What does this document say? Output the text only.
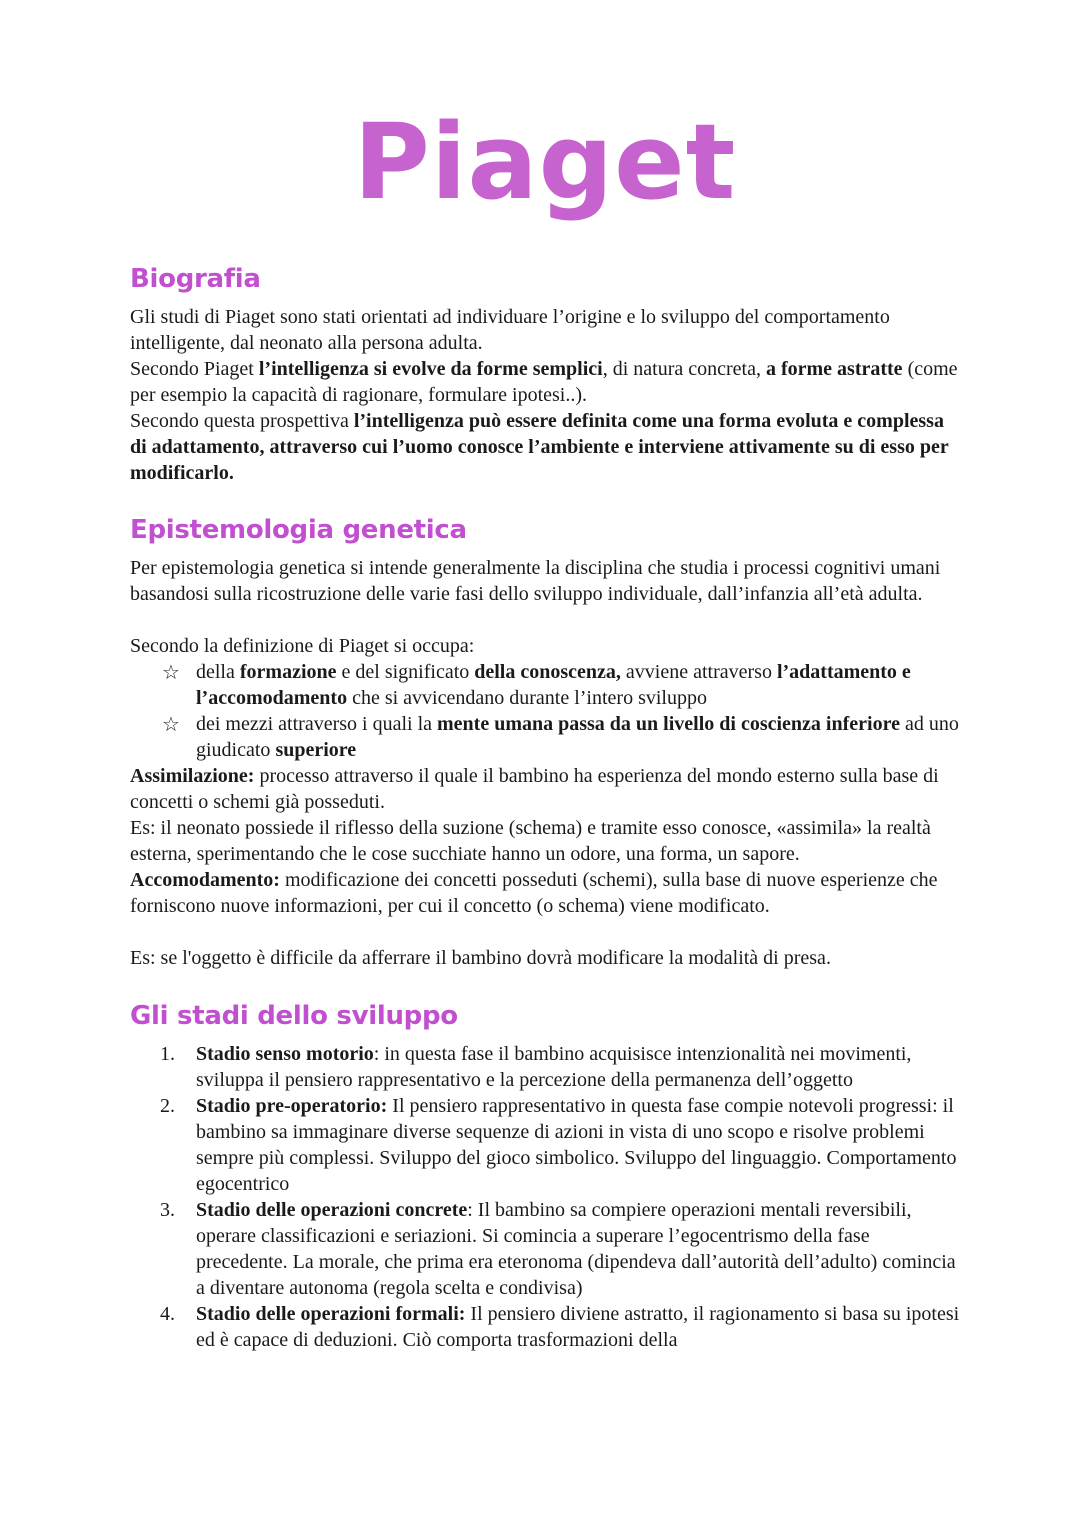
Piaget
Biografia

Gli studi di Piaget sono stati orientati ad individuare l’origine e lo sviluppo del comportamento intelligente, dal neonato alla persona adulta.

Secondo Piaget l’intelligenza si evolve da forme semplici, di natura concreta, a forme astratte (come per esempio la capacità di ragionare, formulare ipotesi..).

Secondo questa prospettiva l’intelligenza può essere definita come una forma evoluta e complessa di adattamento, attraverso cui l’uomo conosce l’ambiente e interviene attivamente su di esso per modificarlo.

Epistemologia genetica

Per epistemologia genetica si intende generalmente la disciplina che studia i processi cognitivi umani basandosi sulla ricostruzione delle varie fasi dello sviluppo individuale, dall’infanzia all’età adulta.

Secondo la definizione di Piaget si occupa:

☆ della formazione e del significato della conoscenza, avviene attraverso l’adattamento e l’accomodamento che si avvicendano durante l’intero sviluppo
☆ dei mezzi attraverso i quali la mente umana passa da un livello di coscienza inferiore ad uno giudicato superiore

Assimilazione: processo attraverso il quale il bambino ha esperienza del mondo esterno sulla base di concetti o schemi già posseduti.

Es: il neonato possiede il riflesso della suzione (schema) e tramite esso conosce, «assimila» la realtà esterna, sperimentando che le cose succhiate hanno un odore, una forma, un sapore.

Accomodamento: modificazione dei concetti posseduti (schemi), sulla base di nuove esperienze che forniscono nuove informazioni, per cui il concetto (o schema) viene modificato.

Es: se l'oggetto è difficile da afferrare il bambino dovrà modificare la modalità di presa.

Gli stadi dello sviluppo
1. Stadio senso motorio: in questa fase il bambino acquisisce intenzionalità nei movimenti, sviluppa il pensiero rappresentativo e la percezione della permanenza dell’oggetto
2. Stadio pre-operatorio: Il pensiero rappresentativo in questa fase compie notevoli progressi: il bambino sa immaginare diverse sequenze di azioni in vista di uno scopo e risolve problemi sempre più complessi. Sviluppo del gioco simbolico. Sviluppo del linguaggio. Comportamento egocentrico
3. Stadio delle operazioni concrete: Il bambino sa compiere operazioni mentali reversibili, operare classificazioni e seriazioni. Si comincia a superare l’egocentrismo della fase precedente. La morale, che prima era eteronoma (dipendeva dall’autorità dell’adulto) comincia a diventare autonoma (regola scelta e condivisa)
4. Stadio delle operazioni formali: Il pensiero diviene astratto, il ragionamento si basa su ipotesi ed è capace di deduzioni. Ciò comporta trasformazioni della
